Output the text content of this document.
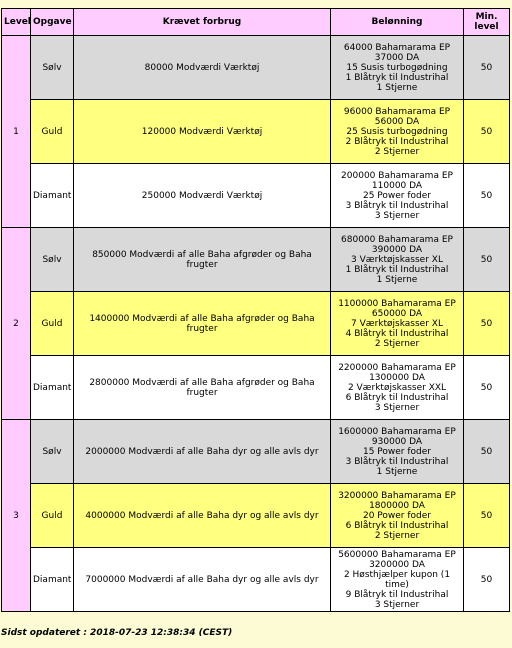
Level	Opgave	Krævet forbrug	Belønning	Min. level
1	Sølv	80000 Modværdi Værktøj	64000 Bahamarama EP
37000 DA
15 Susis turbogødning
1 Blåtryk til Industrihal
1 Stjerne	50
	Guld	120000 Modværdi Værktøj	96000 Bahamarama EP
56000 DA
25 Susis turbogødning
2 Blåtryk til Industrihal
2 Stjerner	50
	Diamant	250000 Modværdi Værktøj	200000 Bahamarama EP
110000 DA
25 Power foder
3 Blåtryk til Industrihal
3 Stjerner	50
2	Sølv	850000 Modværdi af alle Baha afgrøder og Baha frugter	680000 Bahamarama EP
390000 DA
3 Værktøjskasser XL
1 Blåtryk til Industrihal
1 Stjerne	50
	Guld	1400000 Modværdi af alle Baha afgrøder og Baha frugter	1100000 Bahamarama EP
650000 DA
7 Værktøjskasser XL
4 Blåtryk til Industrihal
2 Stjerner	50
	Diamant	2800000 Modværdi af alle Baha afgrøder og Baha frugter	2200000 Bahamarama EP
1300000 DA
2 Værktøjskasser XXL
6 Blåtryk til Industrihal
3 Stjerner	50
3	Sølv	2000000 Modværdi af alle Baha dyr og alle avls dyr	1600000 Bahamarama EP
930000 DA
15 Power foder
3 Blåtryk til Industrihal
1 Stjerne	50
	Guld	4000000 Modværdi af alle Baha dyr og alle avls dyr	3200000 Bahamarama EP
1800000 DA
20 Power foder
6 Blåtryk til Industrihal
2 Stjerner	50
	Diamant	7000000 Modværdi af alle Baha dyr og alle avls dyr	5600000 Bahamarama EP
3200000 DA
2 Høsthjælper kupon (1 time)
9 Blåtryk til Industrihal
3 Stjerner	50
Sidst opdateret : 2018-07-23 12:38:34 (CEST)
